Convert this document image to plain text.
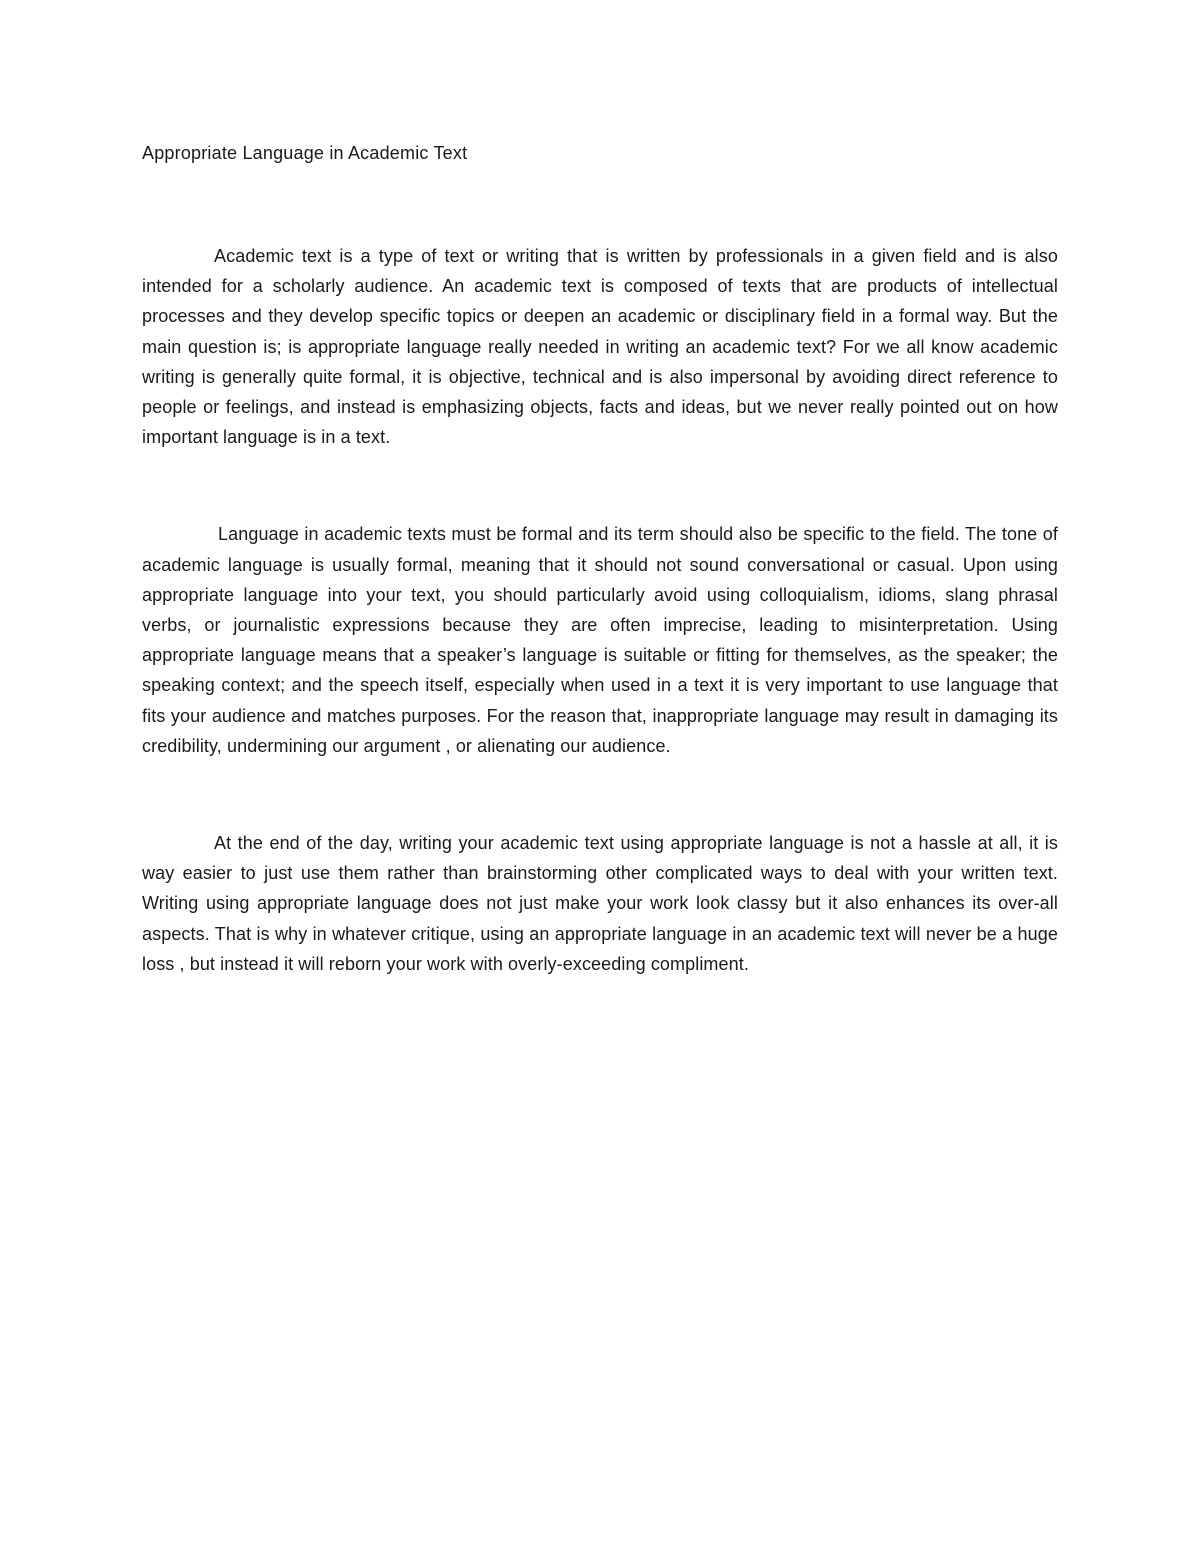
Appropriate Language in Academic Text

Academic text is a type of text or writing that is written by professionals in a given field and is also intended for a scholarly audience. An academic text is composed of texts that are products of intellectual processes and they develop specific topics or deepen an academic or disciplinary field in a formal way. But the main question is; is appropriate language really needed in writing an academic text? For we all know academic writing is generally quite formal, it is objective, technical and is also impersonal by avoiding direct reference to people or feelings, and instead is emphasizing objects, facts and ideas, but we never really pointed out on how important language is in a text.

Language in academic texts must be formal and its term should also be specific to the field. The tone of academic language is usually formal, meaning that it should not sound conversational or casual. Upon using appropriate language into your text, you should particularly avoid using colloquialism, idioms, slang phrasal verbs, or journalistic expressions because they are often imprecise, leading to misinterpretation. Using appropriate language means that a speaker’s language is suitable or fitting for themselves, as the speaker; the speaking context; and the speech itself, especially when used in a text it is very important to use language that fits your audience and matches purposes. For the reason that, inappropriate language may result in damaging its credibility, undermining our argument , or alienating our audience.

At the end of the day, writing your academic text using appropriate language is not a hassle at all, it is way easier to just use them rather than brainstorming other complicated ways to deal with your written text. Writing using appropriate language does not just make your work look classy but it also enhances its over-all aspects. That is why in whatever critique, using an appropriate language in an academic text will never be a huge loss , but instead it will reborn your work with overly-exceeding compliment.
